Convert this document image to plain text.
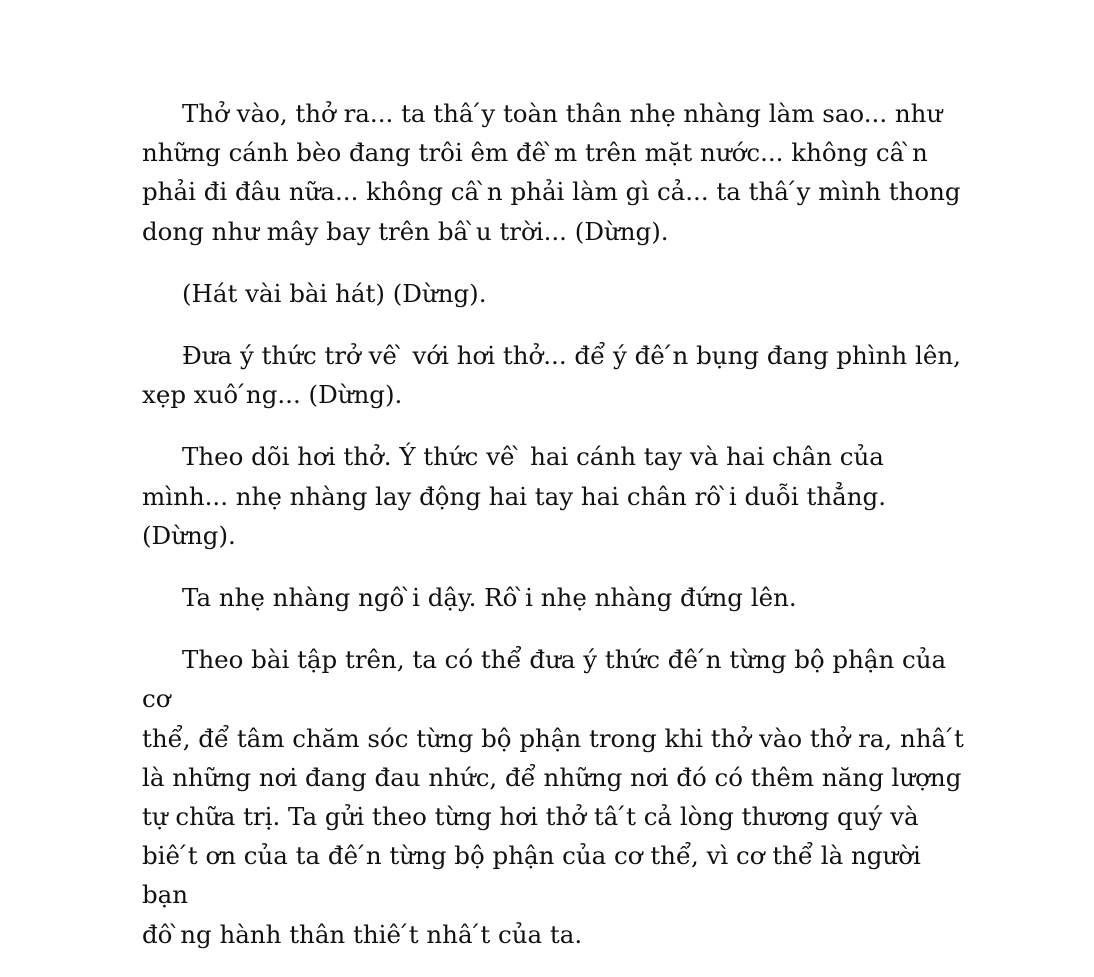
Thở vào, thở ra... ta thâ ́y toàn thân nhẹ nhàng làm sao... như
những cánh bèo đang trôi êm đê ̀m trên mặt nước... không câ ̀n
phải đi đâu nữa... không câ ̀n phải làm gì cả... ta thâ ́y mình thong
dong như mây bay trên bâ ̀u trời... (Dừng).

(Hát vài bài hát) (Dừng).

Đưa ý thức trở vê ̀ với hơi thở... để ý đê ́n bụng đang phình lên,
xẹp xuô ́ng... (Dừng).

Theo dõi hơi thở. Ý thức vê ̀ hai cánh tay và hai chân của
mình... nhẹ nhàng lay động hai tay hai chân rô ̀i duỗi thẳng.
(Dừng).

Ta nhẹ nhàng ngô ̀i dậy. Rô ̀i nhẹ nhàng đứng lên.

Theo bài tập trên, ta có thể đưa ý thức đê ́n từng bộ phận của cơ
thể, để tâm chăm sóc từng bộ phận trong khi thở vào thở ra, nhâ ́t
là những nơi đang đau nhức, để những nơi đó có thêm năng lượng
tự chữa trị. Ta gửi theo từng hơi thở tâ ́t cả lòng thương quý và
biê ́t ơn của ta đê ́n từng bộ phận của cơ thể, vì cơ thể là người bạn
đô ̀ng hành thân thiê ́t nhâ ́t của ta.
